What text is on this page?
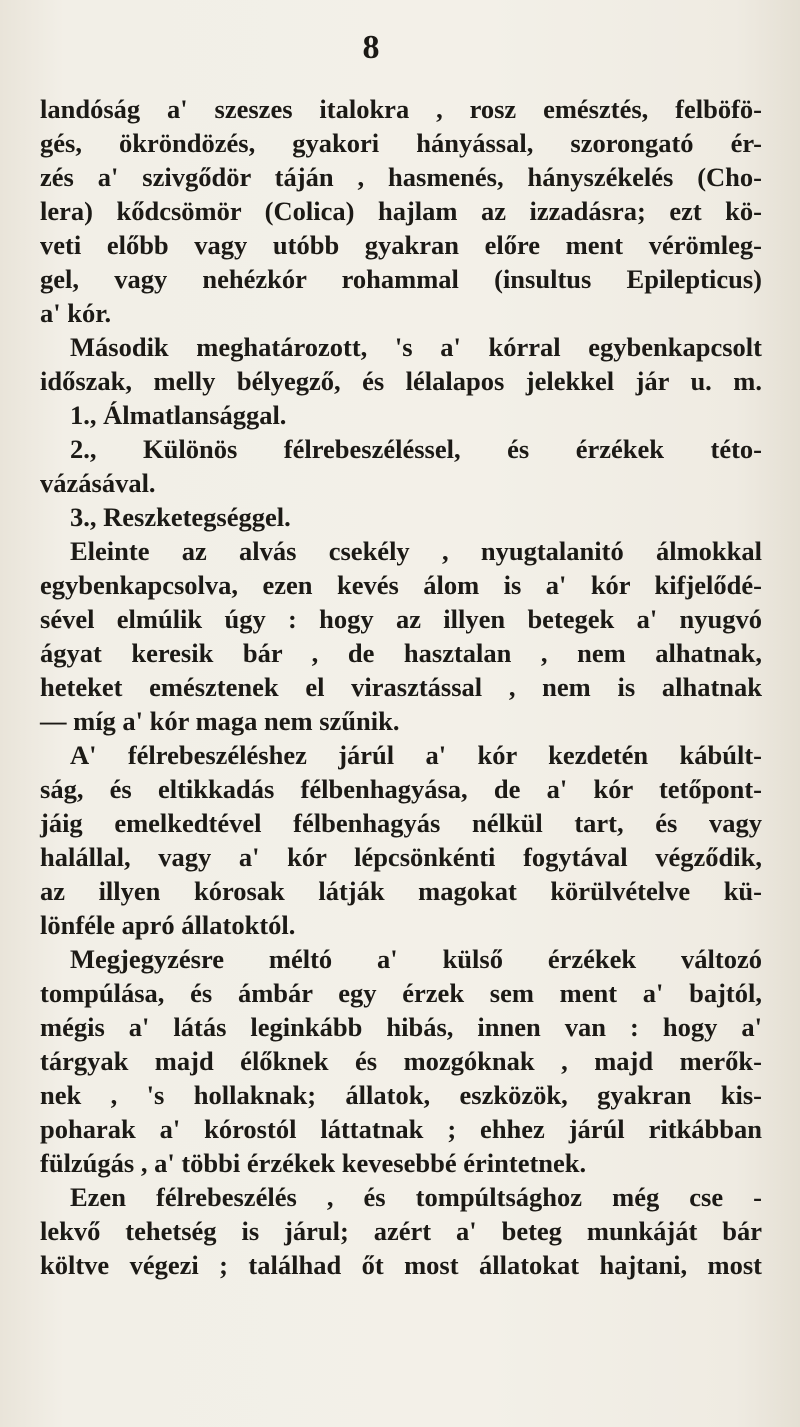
8
landóság a' szeszes italokra , rosz emésztés, felböfö-
gés, ökröndözés, gyakori hányással, szorongató ér-
zés a' szivgődör táján , hasmenés, hányszékelés (Cho-
lera) kődcsömör (Colica) hajlam az izzadásra; ezt kö-
veti előbb vagy utóbb gyakran előre ment vérömleg-
gel, vagy nehézkór rohammal (insultus Epilepticus)
a' kór.
Második meghatározott, 's a' kórral egybenkapcsolt
időszak, melly bélyegző, és lélalapos jelekkel jár u. m.
1., Álmatlansággal.
2., Különös félrebeszéléssel, és érzékek této-
vázásával.
3., Reszketegséggel.
Eleinte az alvás csekély , nyugtalanitó álmokkal
egybenkapcsolva, ezen kevés álom is a' kór kifjelődé-
sével elmúlik úgy : hogy az illyen betegek a' nyugvó
ágyat keresik bár , de hasztalan , nem alhatnak,
heteket emésztenek el virasztással , nem is alhatnak
— míg a' kór maga nem szűnik.
A' félrebeszéléshez járúl a' kór kezdetén kábúlt-
ság, és eltikkadás félbenhagyása, de a' kór tetőpont-
jáig emelkedtével félbenhagyás nélkül tart, és vagy
halállal, vagy a' kór lépcsönkénti fogytával végződik,
az illyen kórosak látják magokat körülvételve kü-
lönféle apró állatoktól.
Megjegyzésre méltó a' külső érzékek változó
tompúlása, és ámbár egy érzek sem ment a' bajtól,
mégis a' látás leginkább hibás, innen van : hogy a'
tárgyak majd élőknek és mozgóknak , majd merők-
nek , 's hollaknak; állatok, eszközök, gyakran kis-
poharak a' kórostól láttatnak ; ehhez járúl ritkábban
fülzúgás , a' többi érzékek kevesebbé érintetnek.
Ezen félrebeszélés , és tompúltsághoz még cse -
lekvő tehetség is járul; azért a' beteg munkáját bár
költve végezi ; találhad őt most állatokat hajtani, most
